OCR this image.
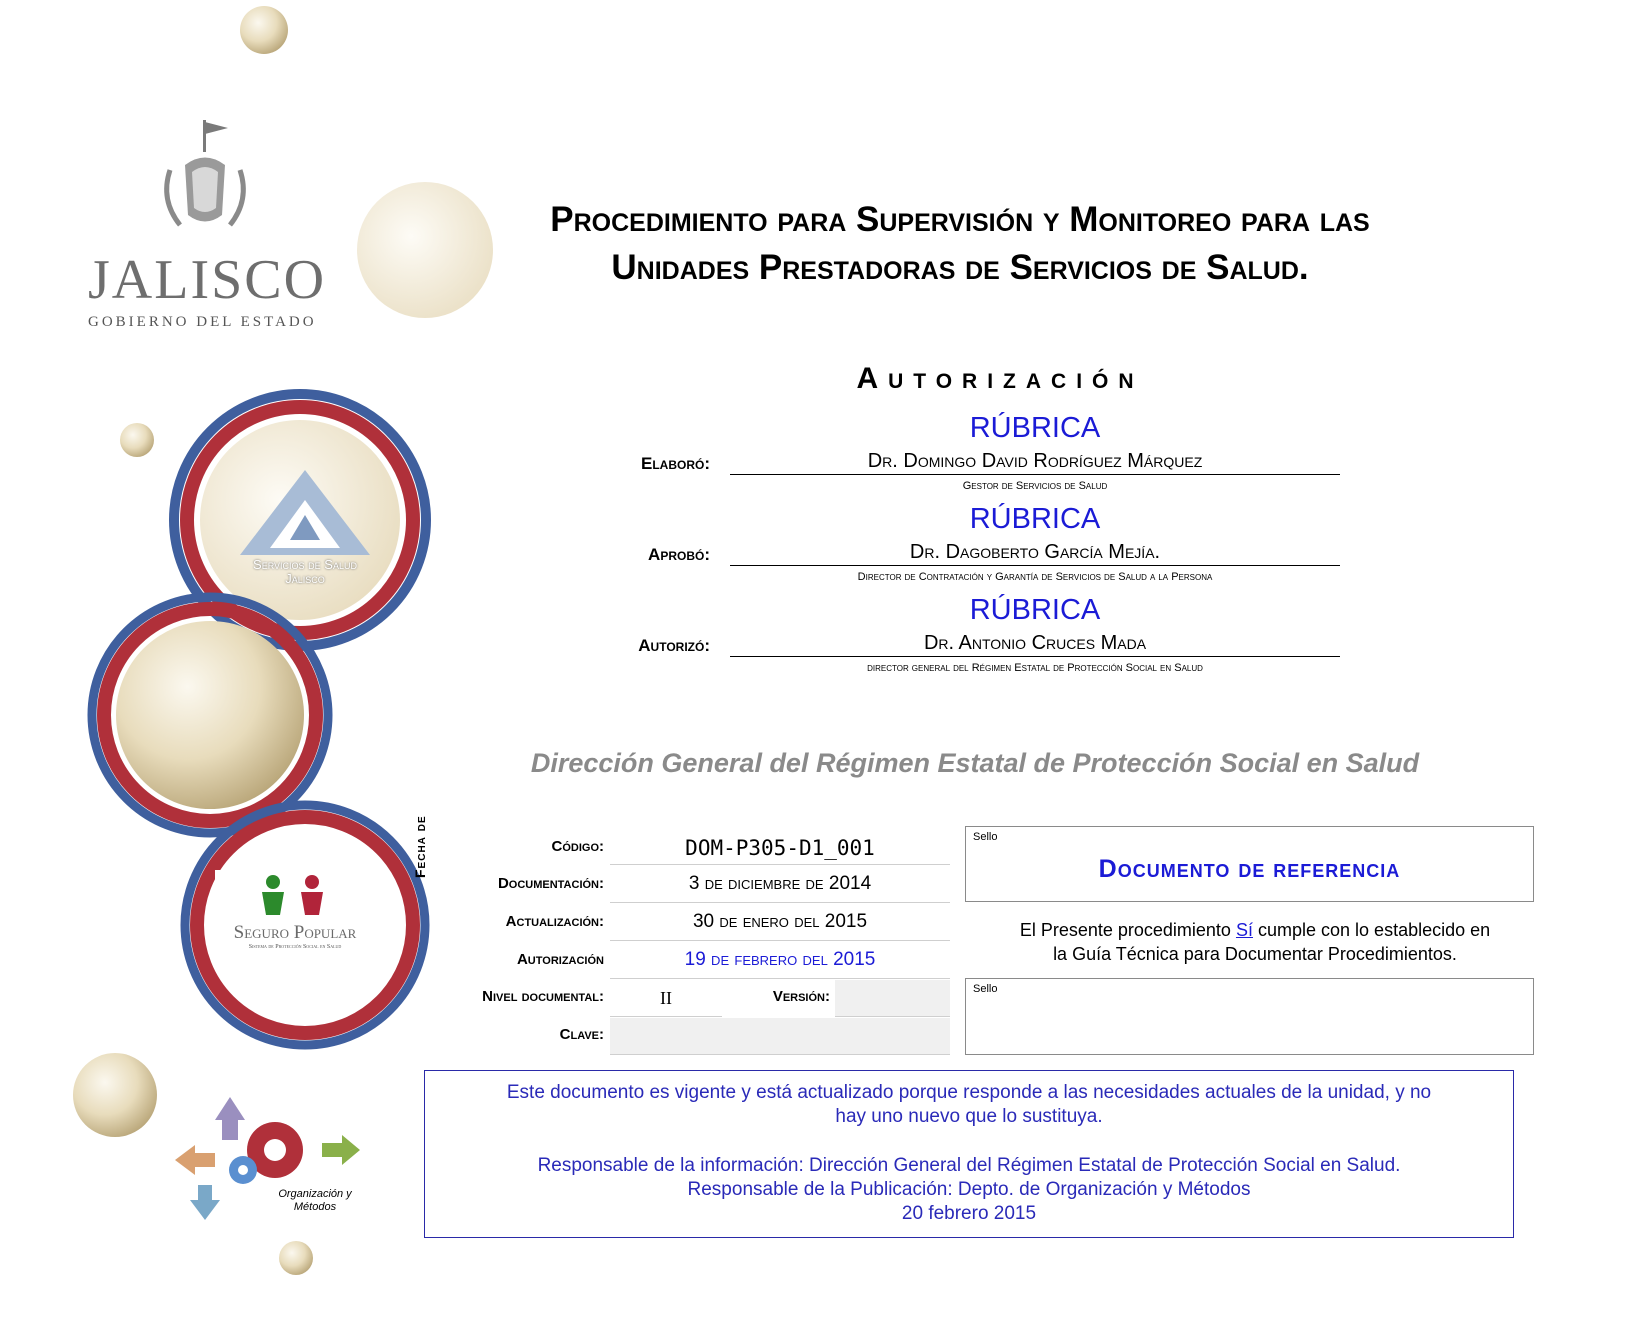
JALISCO
GOBIERNO DEL ESTADO
Servicios de Salud
Jalisco
Seguro Popular
Sistema de Protección Social en Salud
Organización y
Métodos
Procedimiento para Supervisión y Monitoreo para las
Unidades Prestadoras de Servicios de Salud.
Autorización
RÚBRICA
Elaboró:	Dr. Domingo David Rodríguez Márquez
Gestor de Servicios de Salud
RÚBRICA
Aprobó:	Dr. Dagoberto García Mejía.
Director de Contratación y Garantía de Servicios de Salud a la Persona
RÚBRICA
Autorizó:	Dr. Antonio Cruces Mada
director general del Régimen Estatal de Protección Social en Salud
Dirección General del Régimen Estatal de Protección Social en Salud
Código:	DOM-P305-D1_001
Fecha de
Documentación:	3 de diciembre de 2014
Actualización:	30 de enero del 2015
Autorización	19 de febrero del 2015
Nivel documental:	II	Versión:
Clave:
Sello
Documento de referencia
El Presente procedimiento Sí cumple con lo establecido en
la Guía Técnica para Documentar Procedimientos.
Sello
Este documento es vigente y está actualizado porque responde a las necesidades actuales de la unidad, y no
hay uno nuevo que lo sustituya.
Responsable de la información: Dirección General del Régimen Estatal de Protección Social en Salud.
Responsable de la Publicación: Depto. de Organización y Métodos
20 febrero 2015
